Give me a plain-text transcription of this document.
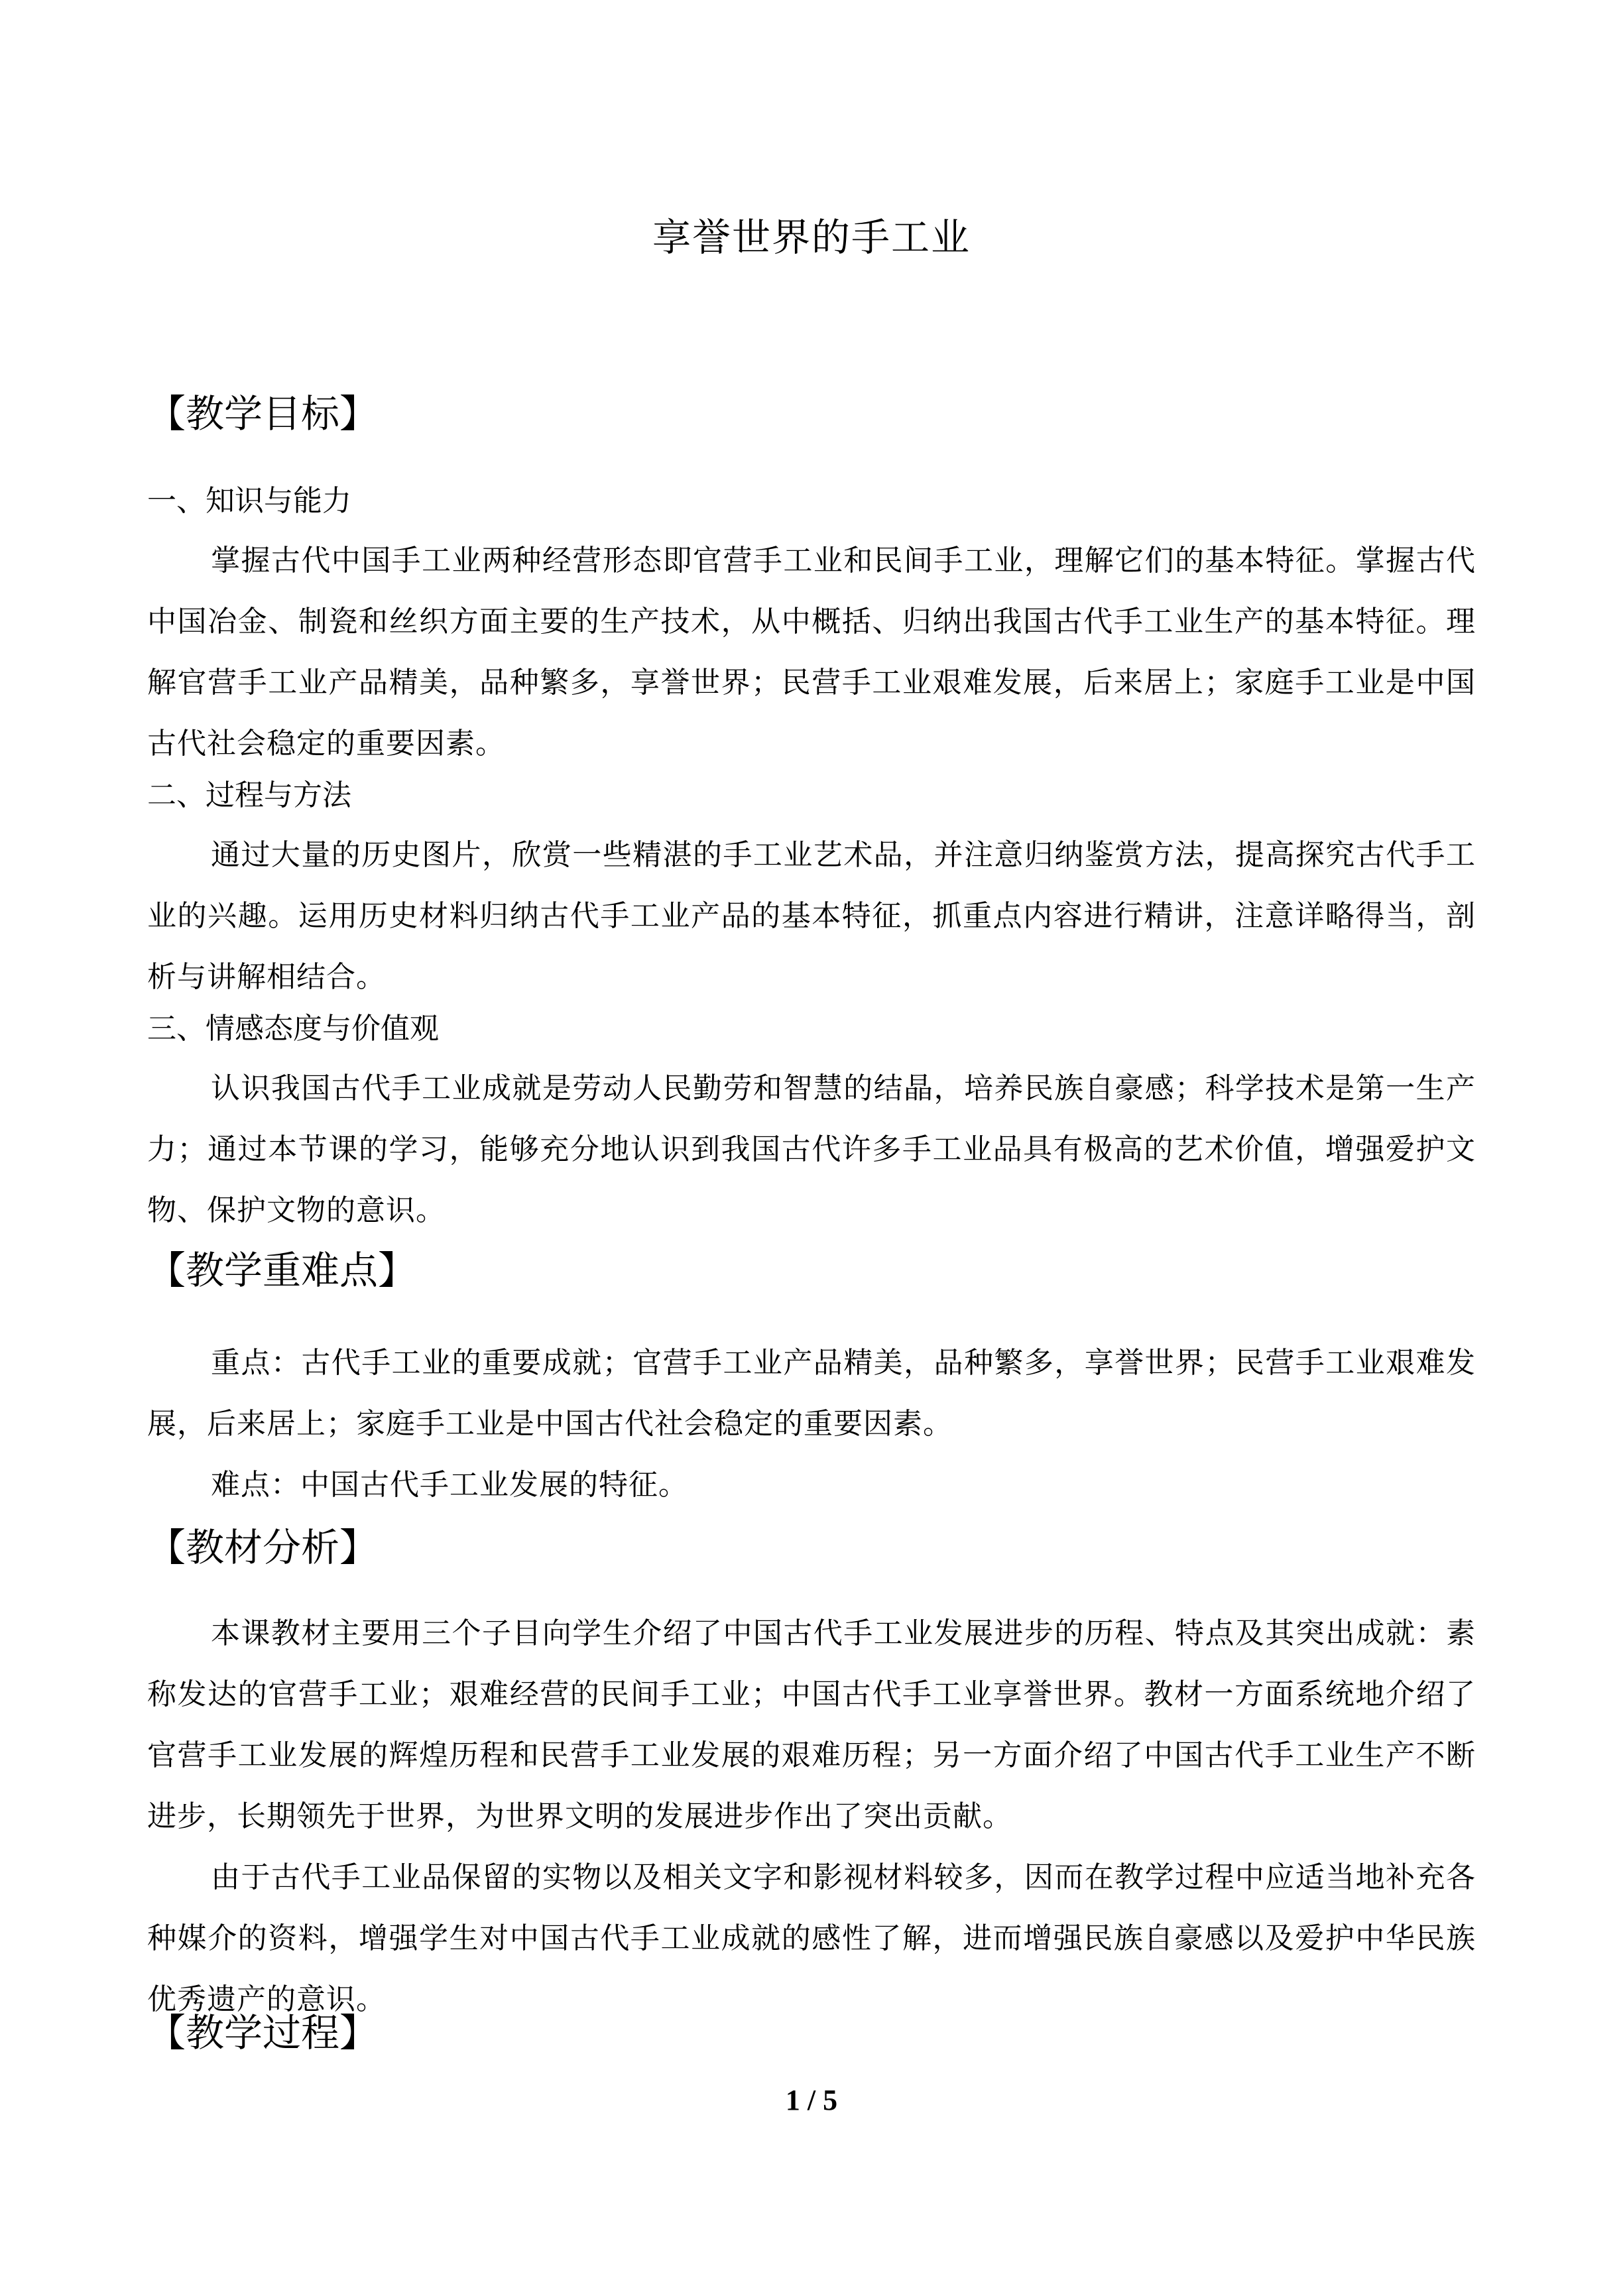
享誉世界的手工业
【教学目标】
一、知识与能力
掌握古代中国手工业两种经营形态即官营手工业和民间手工业，理解它们的基本特征。掌握古代中国冶金、制瓷和丝织方面主要的生产技术，从中概括、归纳出我国古代手工业生产的基本特征。理解官营手工业产品精美，品种繁多，享誉世界；民营手工业艰难发展，后来居上；家庭手工业是中国古代社会稳定的重要因素。
二、过程与方法
通过大量的历史图片，欣赏一些精湛的手工业艺术品，并注意归纳鉴赏方法，提高探究古代手工业的兴趣。运用历史材料归纳古代手工业产品的基本特征，抓重点内容进行精讲，注意详略得当，剖析与讲解相结合。
三、情感态度与价值观
认识我国古代手工业成就是劳动人民勤劳和智慧的结晶，培养民族自豪感；科学技术是第一生产力；通过本节课的学习，能够充分地认识到我国古代许多手工业品具有极高的艺术价值，增强爱护文物、保护文物的意识。
【教学重难点】
重点：古代手工业的重要成就；官营手工业产品精美，品种繁多，享誉世界；民营手工业艰难发展，后来居上；家庭手工业是中国古代社会稳定的重要因素。
难点：中国古代手工业发展的特征。
【教材分析】
本课教材主要用三个子目向学生介绍了中国古代手工业发展进步的历程、特点及其突出成就：素称发达的官营手工业；艰难经营的民间手工业；中国古代手工业享誉世界。教材一方面系统地介绍了官营手工业发展的辉煌历程和民营手工业发展的艰难历程；另一方面介绍了中国古代手工业生产不断进步，长期领先于世界，为世界文明的发展进步作出了突出贡献。
由于古代手工业品保留的实物以及相关文字和影视材料较多，因而在教学过程中应适当地补充各种媒介的资料，增强学生对中国古代手工业成就的感性了解，进而增强民族自豪感以及爱护中华民族优秀遗产的意识。
【教学过程】
1 / 5
